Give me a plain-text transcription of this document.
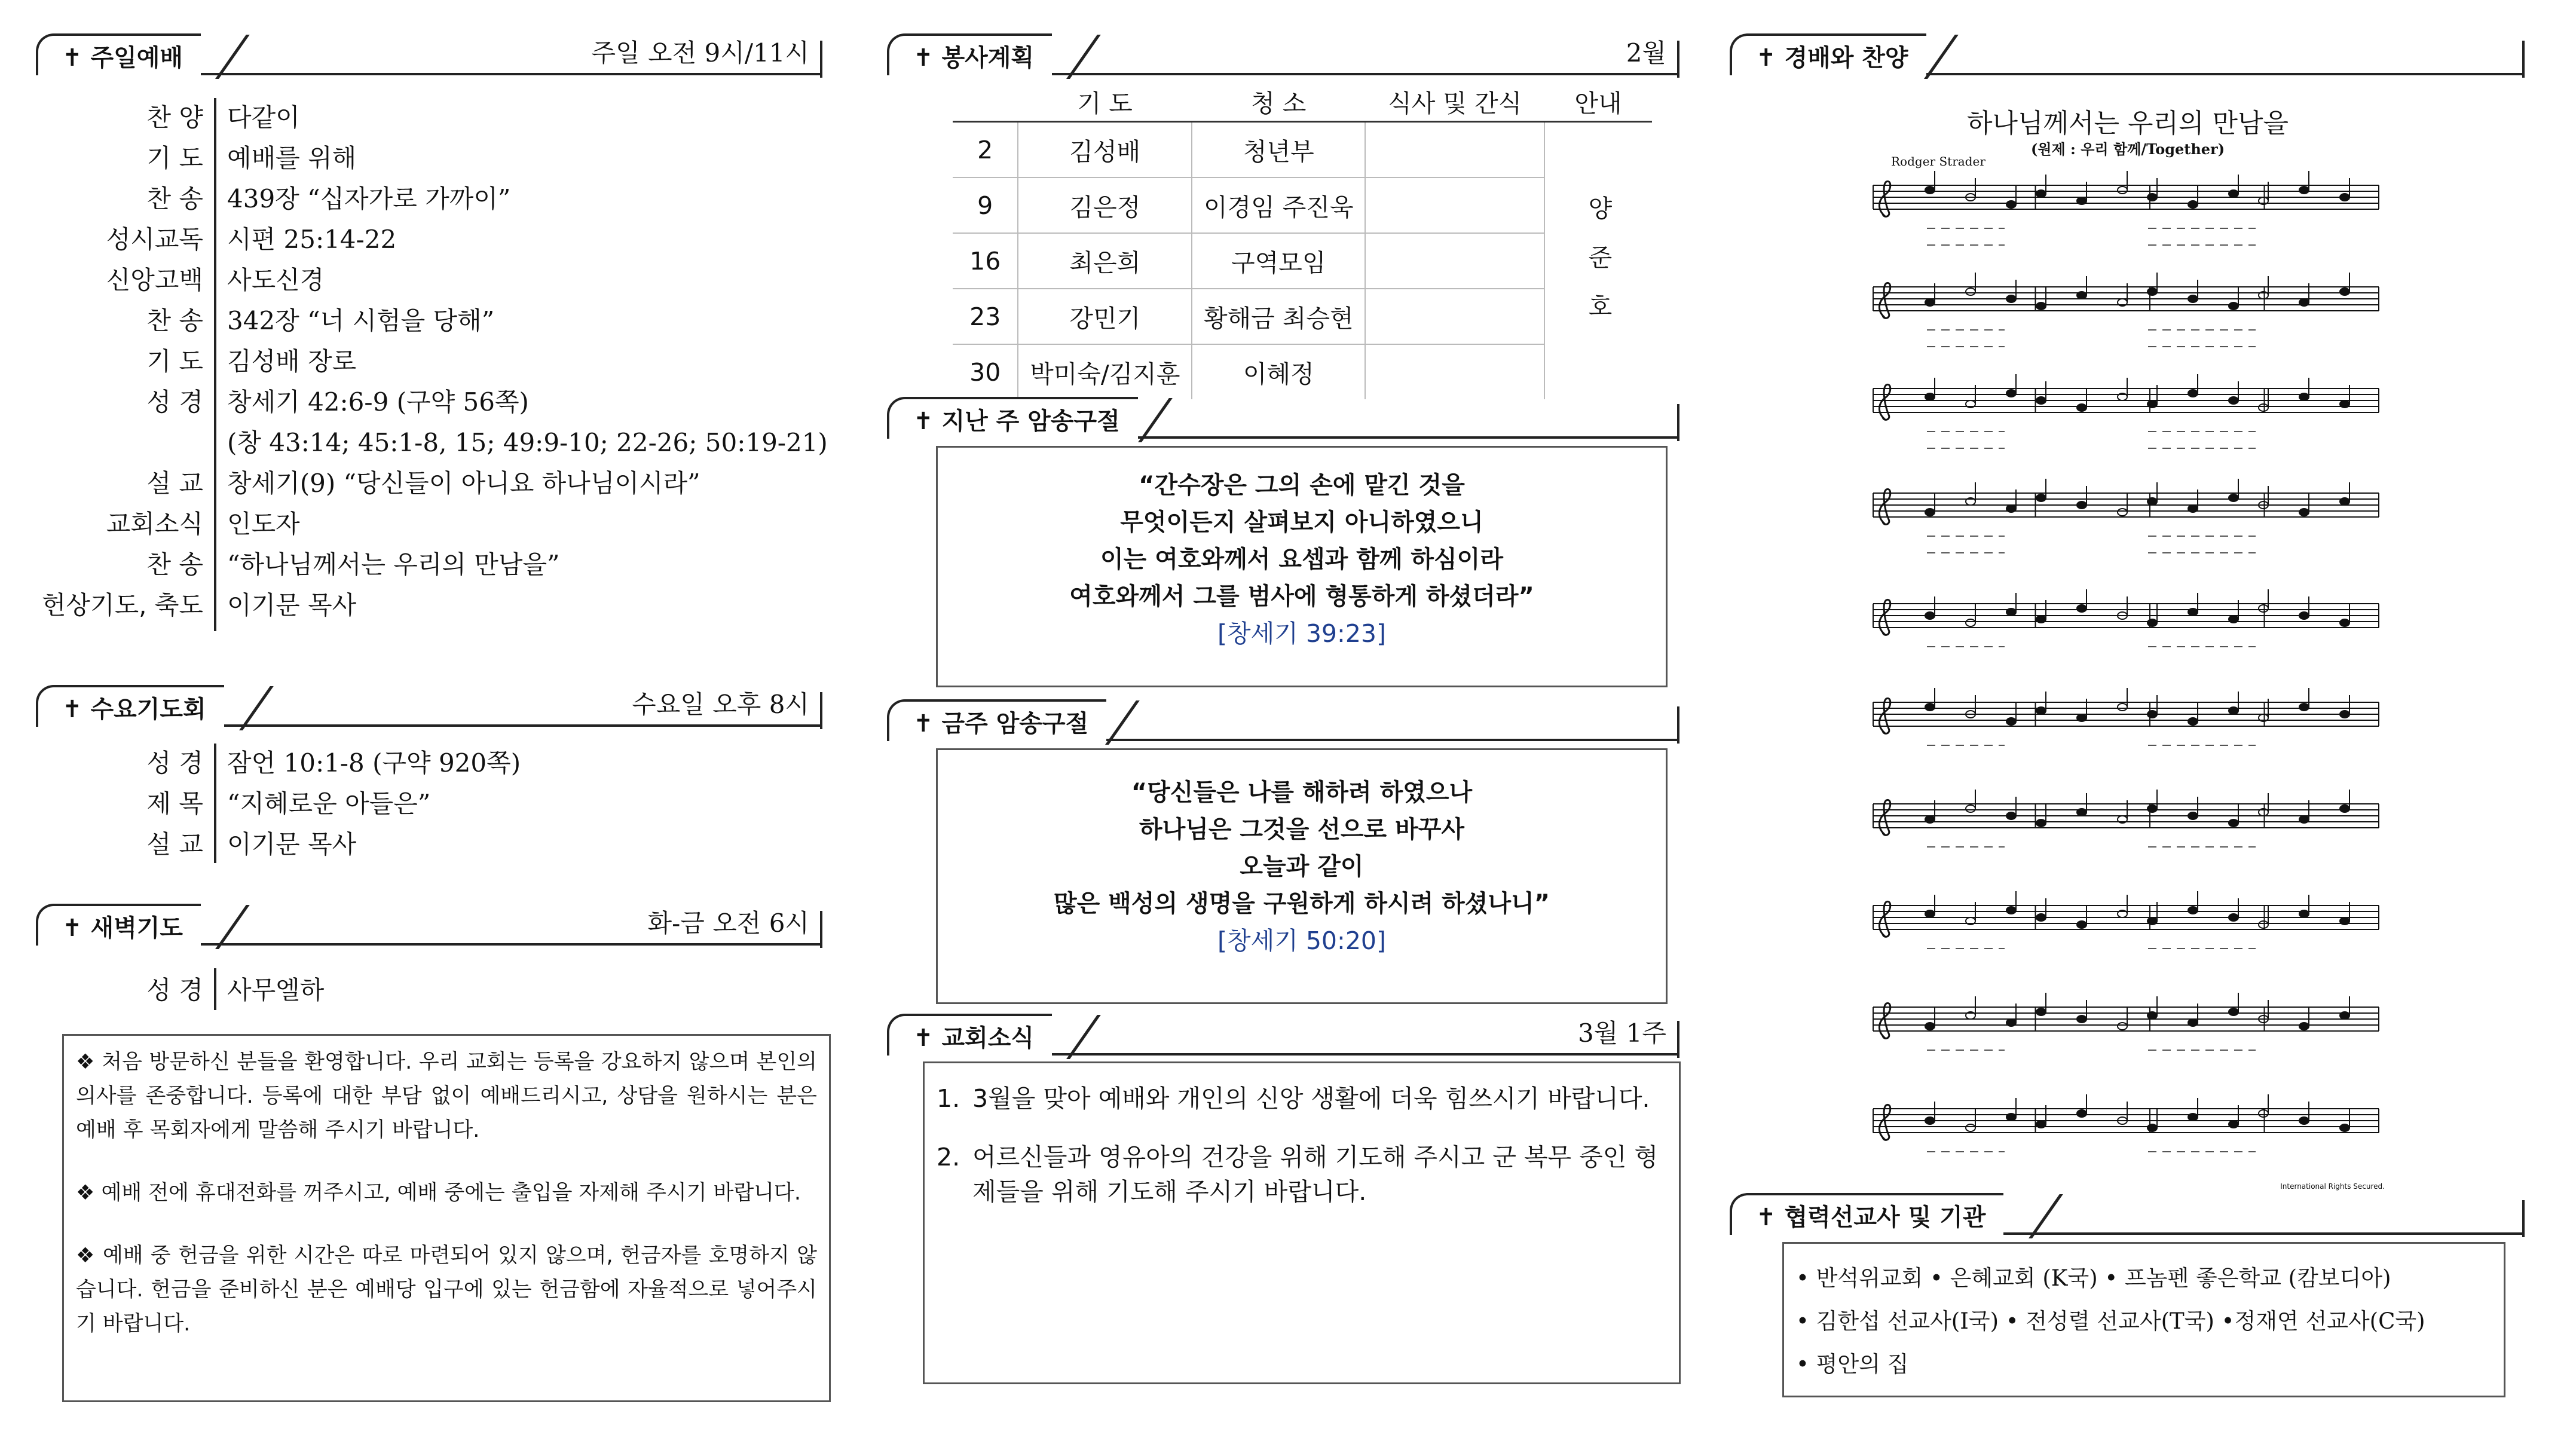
✝ 주일예배	주일 오전 9시/11시
찬 양 다같이
기 도 예배를 위해
찬 송 439장 “십자가로 가까이”
성시교독 시편 25:14-22
신앙고백 사도신경
찬 송 342장 “너 시험을 당해”
기 도 김성배 장로
성 경 창세기 42:6-9 (구약 56쪽)
(창 43:14; 45:1-8, 15; 49:9-10; 22-26; 50:19-21)
설 교 창세기(9) “당신들이 아니요 하나님이시라”
교회소식 인도자
찬 송 “하나님께서는 우리의 만남을”
헌상기도, 축도 이기문 목사
✝ 수요기도회	수요일 오후 8시
성 경 잠언 10:1-8 (구약 920쪽)
제 목 “지혜로운 아들은”
설 교 이기문 목사
✝ 새벽기도	화-금 오전 6시
성 경 사무엘하

❖ 처음 방문하신 분들을 환영합니다. 우리 교회는 등록을 강요하지 않으며 본인의 의사를 존중합니다. 등록에 대한 부담 없이 예배드리시고, 상담을 원하시는 분은 예배 후 목회자에게 말씀해 주시기 바랍니다.

❖ 예배 전에 휴대전화를 꺼주시고, 예배 중에는 출입을 자제해 주시기 바랍니다.

❖ 예배 중 헌금을 위한 시간은 따로 마련되어 있지 않으며, 헌금자를 호명하지 않습니다. 헌금을 준비하신 분은 예배당 입구에 있는 헌금함에 자율적으로 넣어주시기 바랍니다.

✝ 봉사계획	2월
	기 도	청 소	식사 및 간식	안내
2	김성배	청년부		양 준 호

9	김은정	이경임 주진욱		
16	최은희	구역모임		
23	강민기	황해금 최승현		
30	박미숙/김지훈	이혜정		
✝ 지난 주 암송구절
“간수장은 그의 손에 맡긴 것을
무엇이든지 살펴보지 아니하였으니
이는 여호와께서 요셉과 함께 하심이라
여호와께서 그를 범사에 형통하게 하셨더라”
[창세기 39:23]
✝ 금주 암송구절
“당신들은 나를 해하려 하였으나
하나님은 그것을 선으로 바꾸사
오늘과 같이
많은 백성의 생명을 구원하게 하시려 하셨나니”
[창세기 50:20]
✝ 교회소식	3월 1주
1. 3월을 맞아 예배와 개인의 신앙 생활에 더욱 힘쓰시기 바랍니다.
2. 어르신들과 영유아의 건강을 위해 기도해 주시고 군 복무 중인 형제들을 위해 기도해 주시기 바랍니다.
✝ 경배와 찬양
하나님께서는 우리의 만남을
(원제 : 우리 함께/Together)
Rodger Strader
International Rights Secured.
✝ 협력선교사 및 기관
• 반석위교회 • 은혜교회 (K국) • 프놈펜 좋은학교 (캄보디아)
• 김한섭 선교사(I국) • 전성렬 선교사(T국) •정재연 선교사(C국)
• 평안의 집
